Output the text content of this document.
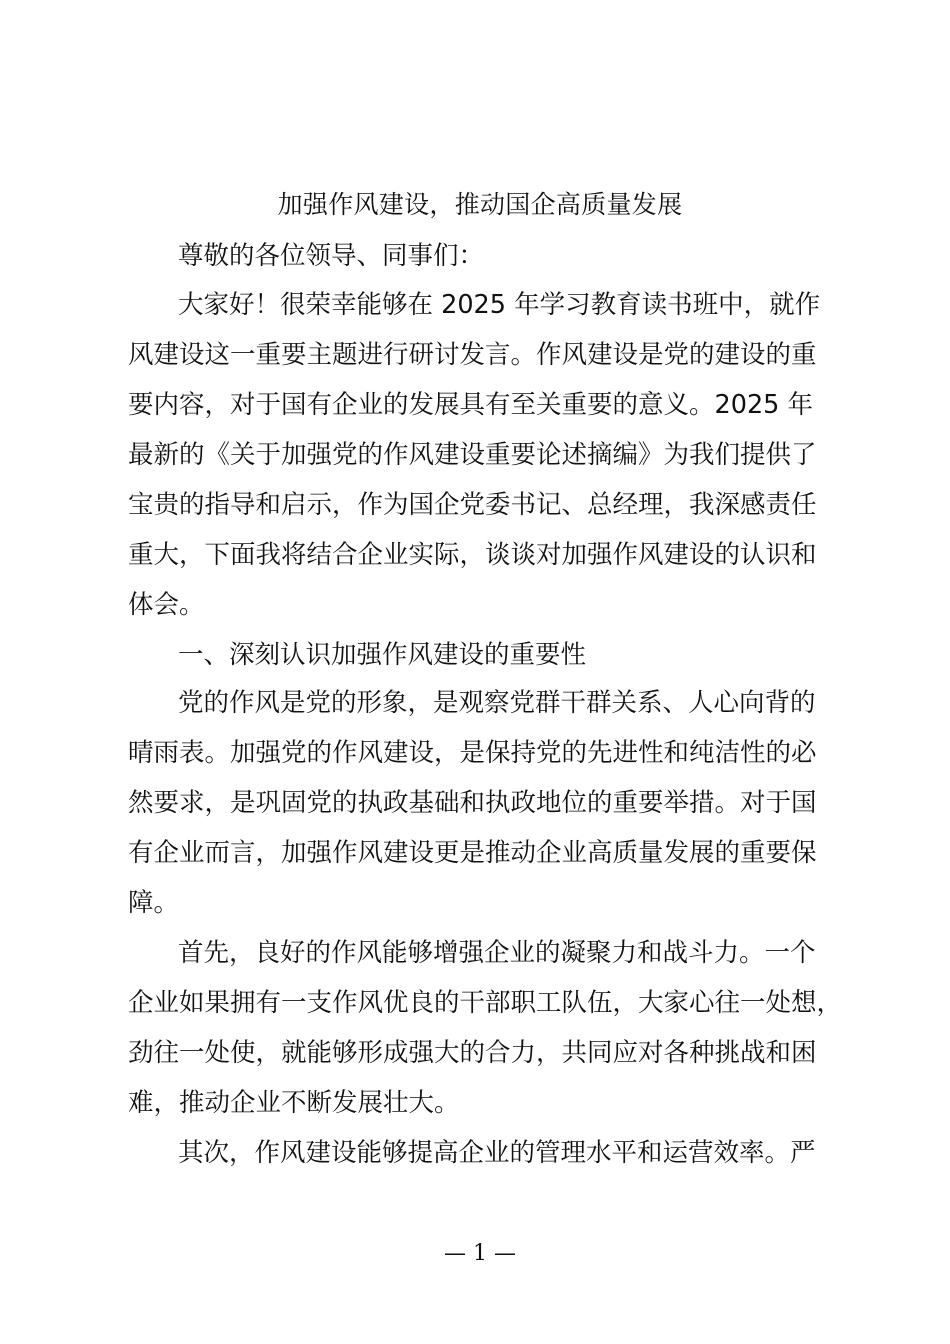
加强作风建设，推动国企高质量发展
尊敬的各位领导、同事们：
大家好！很荣幸能够在 2025 年学习教育读书班中，就作
风建设这一重要主题进行研讨发言。作风建设是党的建设的重
要内容，对于国有企业的发展具有至关重要的意义。2025 年
最新的《关于加强党的作风建设重要论述摘编》为我们提供了
宝贵的指导和启示，作为国企党委书记、总经理，我深感责任
重大，下面我将结合企业实际，谈谈对加强作风建设的认识和
体会。
一、深刻认识加强作风建设的重要性
党的作风是党的形象，是观察党群干群关系、人心向背的
晴雨表。加强党的作风建设，是保持党的先进性和纯洁性的必
然要求，是巩固党的执政基础和执政地位的重要举措。对于国
有企业而言，加强作风建设更是推动企业高质量发展的重要保
障。
首先，良好的作风能够增强企业的凝聚力和战斗力。一个
企业如果拥有一支作风优良的干部职工队伍，大家心往一处想，
劲往一处使，就能够形成强大的合力，共同应对各种挑战和困
难，推动企业不断发展壮大。
其次，作风建设能够提高企业的管理水平和运营效率。严
— 1 —
